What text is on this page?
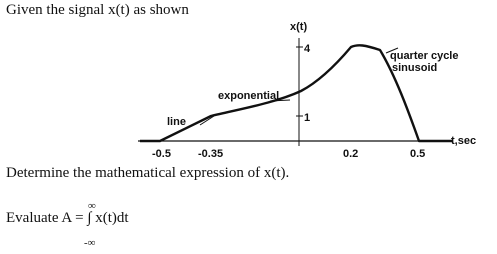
Given the signal x(t) as shown
x(t)
4
1
line
exponential
quarter cycle
sinusoid
t,sec
-0.5 -0.35	0.2	0.5
Determine the mathematical expression of x(t).
∞
Evaluate A = ∫ x(t)dt
-∞
